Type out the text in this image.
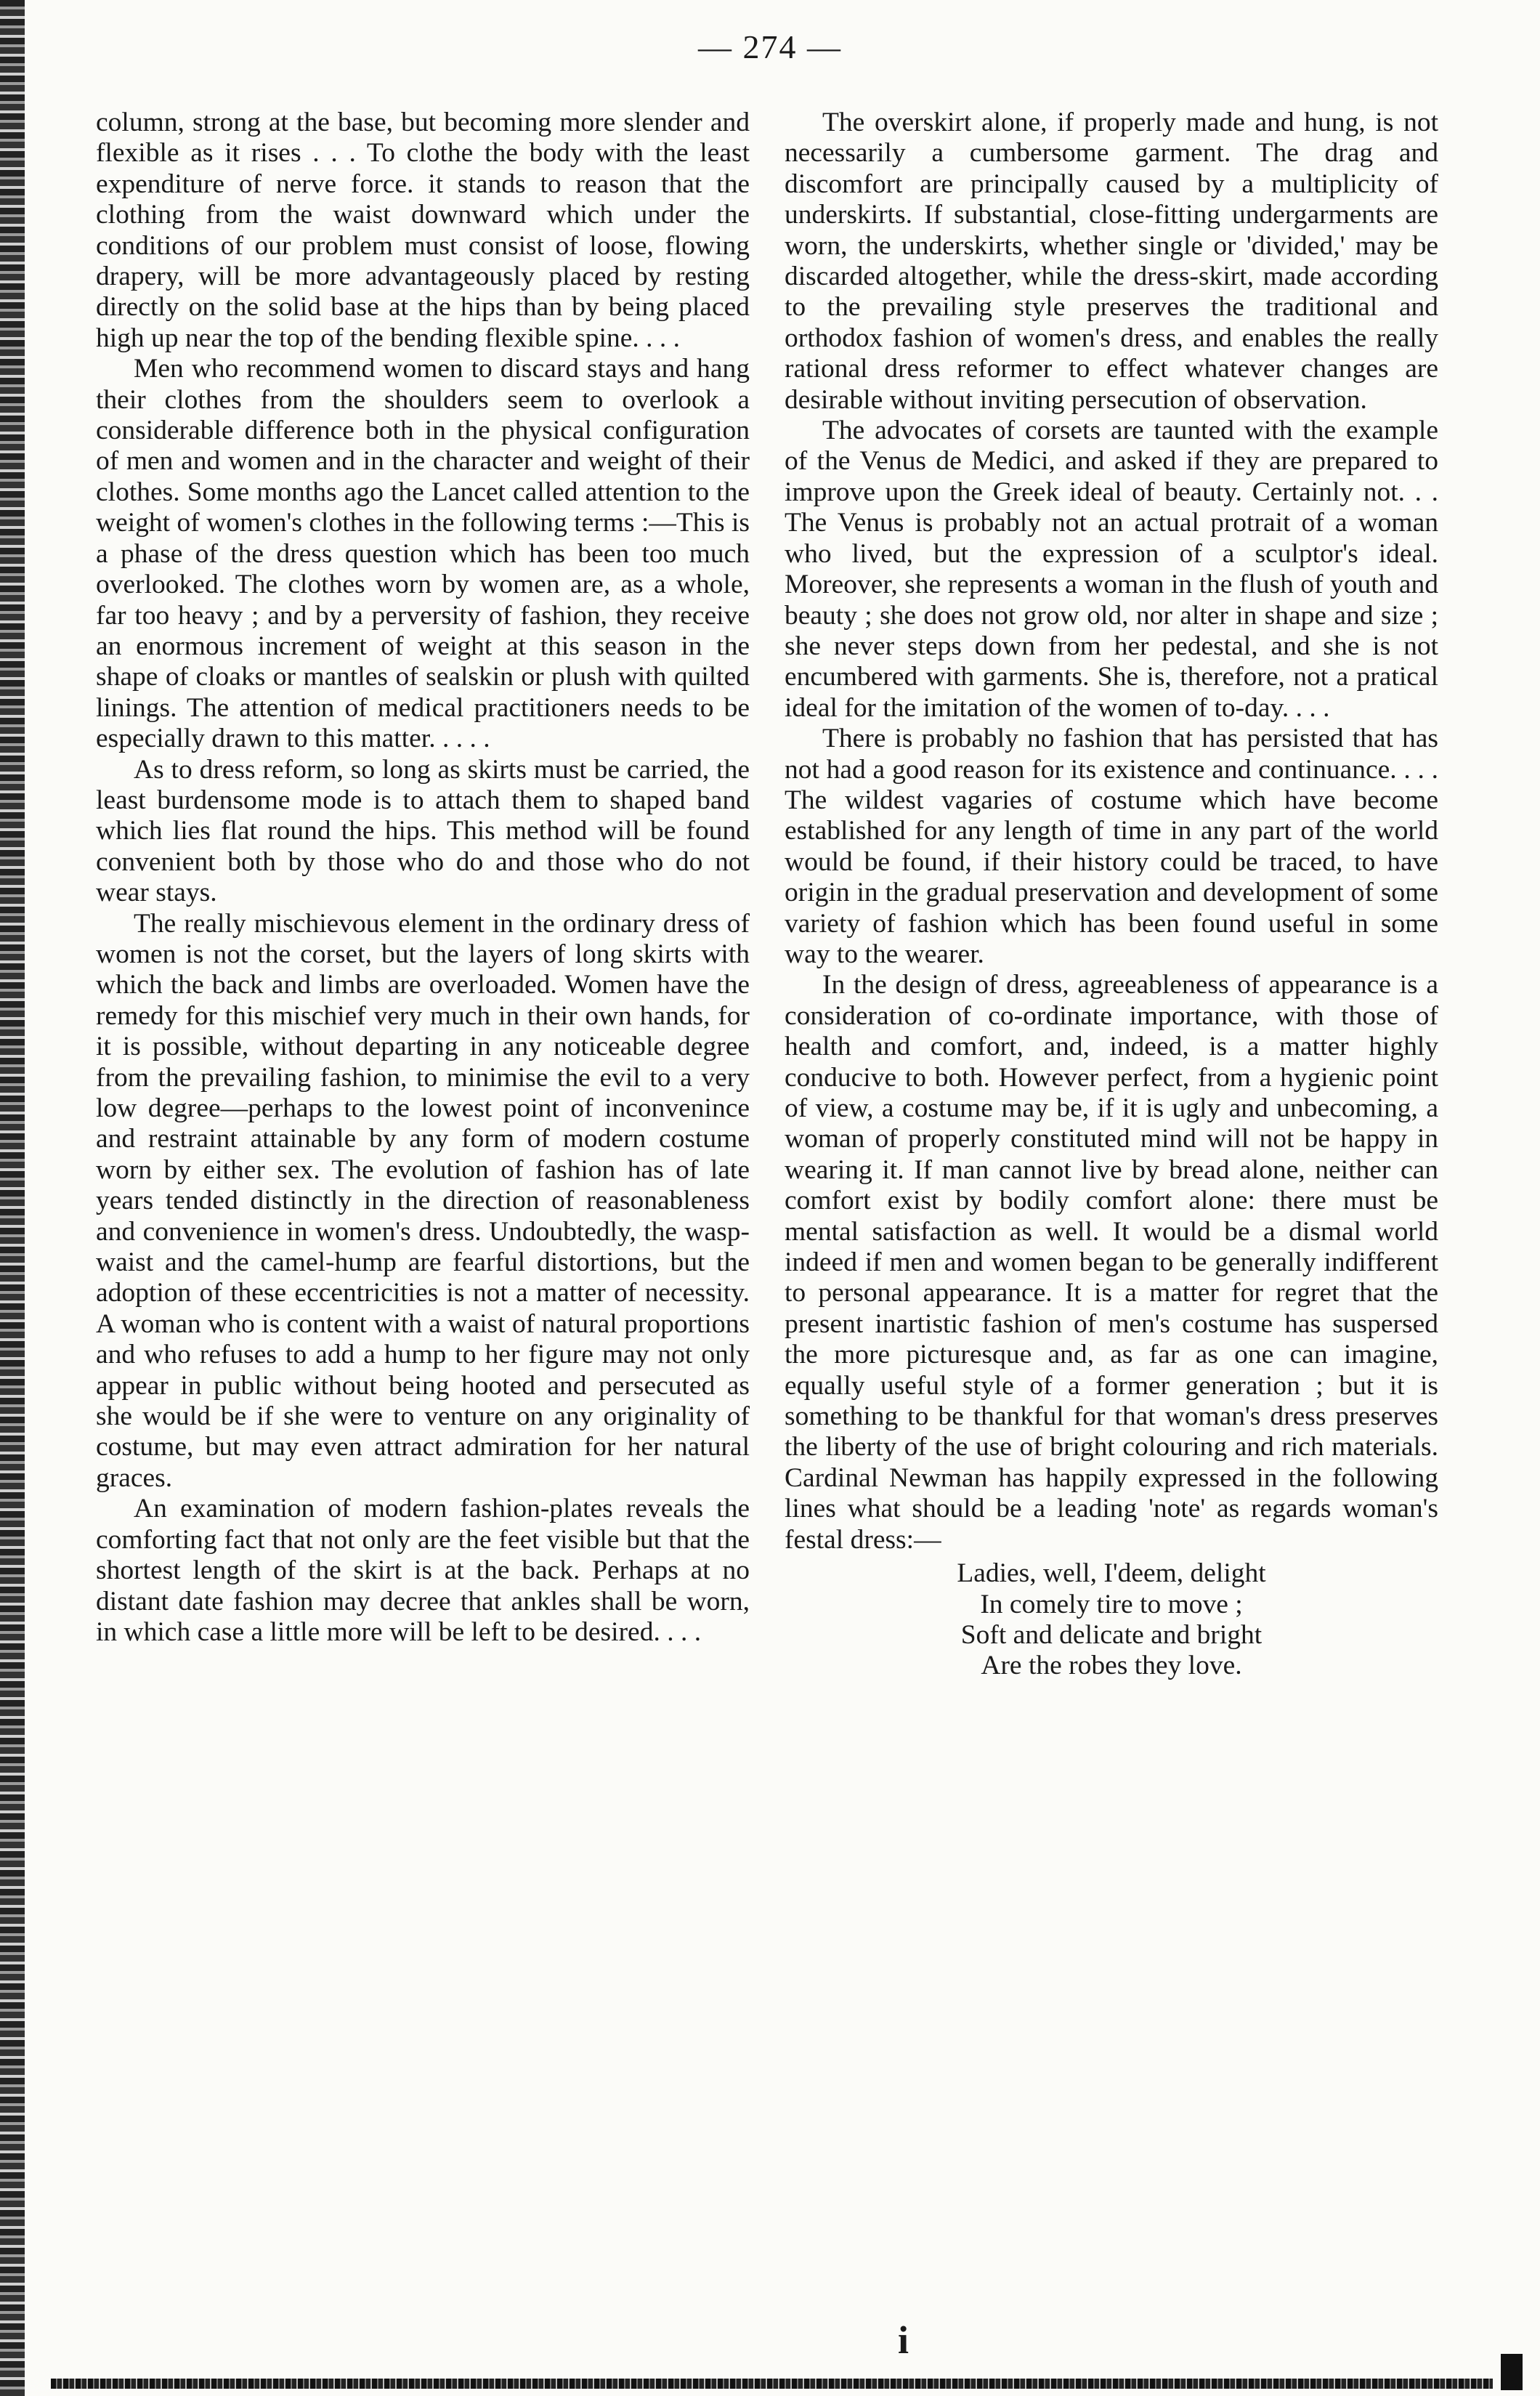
— 274 —

column, strong at the base, but becoming more slender and flexible as it rises . . . To clothe the body with the least expenditure of nerve force. it stands to reason that the clothing from the waist downward which under the conditions of our problem must consist of loose, flowing drapery, will be more advantageously placed by resting directly on the solid base at the hips than by being placed high up near the top of the bending flexible spine. . . .

Men who recommend women to discard stays and hang their clothes from the shoulders seem to overlook a considerable difference both in the physical configuration of men and women and in the character and weight of their clothes. Some months ago the Lancet called attention to the weight of women's clothes in the following terms :—This is a phase of the dress question which has been too much overlooked. The clothes worn by women are, as a whole, far too heavy ; and by a perversity of fashion, they receive an enormous increment of weight at this season in the shape of cloaks or mantles of sealskin or plush with quilted linings. The attention of medical practitioners needs to be especially drawn to this matter. . . . .

As to dress reform, so long as skirts must be carried, the least burdensome mode is to attach them to shaped band which lies flat round the hips. This method will be found convenient both by those who do and those who do not wear stays.

The really mischievous element in the ordinary dress of women is not the corset, but the layers of long skirts with which the back and limbs are overloaded. Women have the remedy for this mischief very much in their own hands, for it is possible, without departing in any noticeable degree from the prevailing fashion, to minimise the evil to a very low degree—perhaps to the lowest point of inconvenince and restraint attainable by any form of modern costume worn by either sex. The evolution of fashion has of late years tended distinctly in the direction of reasonableness and convenience in women's dress. Undoubtedly, the wasp-waist and the camel-hump are fearful distortions, but the adoption of these eccentricities is not a matter of necessity. A woman who is content with a waist of natural proportions and who refuses to add a hump to her figure may not only appear in public without being hooted and persecuted as she would be if she were to venture on any originality of costume, but may even attract admiration for her natural graces.

An examination of modern fashion-plates reveals the comforting fact that not only are the feet visible but that the shortest length of the skirt is at the back. Perhaps at no distant date fashion may decree that ankles shall be worn, in which case a little more will be left to be desired. . . .

The overskirt alone, if properly made and hung, is not necessarily a cumbersome garment. The drag and discomfort are principally caused by a multiplicity of underskirts. If substantial, close-fitting undergarments are worn, the underskirts, whether single or 'divided,' may be discarded altogether, while the dress-skirt, made according to the prevailing style preserves the traditional and orthodox fashion of women's dress, and enables the really rational dress reformer to effect whatever changes are desirable without inviting persecution of observation.

The advocates of corsets are taunted with the example of the Venus de Medici, and asked if they are prepared to improve upon the Greek ideal of beauty. Certainly not. . . The Venus is probably not an actual protrait of a woman who lived, but the expression of a sculptor's ideal. Moreover, she represents a woman in the flush of youth and beauty ; she does not grow old, nor alter in shape and size ; she never steps down from her pedestal, and she is not encumbered with garments. She is, therefore, not a pratical ideal for the imitation of the women of to-day. . . .

There is probably no fashion that has persisted that has not had a good reason for its existence and continuance. . . . The wildest vagaries of costume which have become established for any length of time in any part of the world would be found, if their history could be traced, to have origin in the gradual preservation and development of some variety of fashion which has been found useful in some way to the wearer.

In the design of dress, agreeableness of appearance is a consideration of co-ordinate importance, with those of health and comfort, and, indeed, is a matter highly conducive to both. However perfect, from a hygienic point of view, a costume may be, if it is ugly and unbecoming, a woman of properly constituted mind will not be happy in wearing it. If man cannot live by bread alone, neither can comfort exist by bodily comfort alone: there must be mental satisfaction as well. It would be a dismal world indeed if men and women began to be generally indifferent to personal appearance. It is a matter for regret that the present inartistic fashion of men's costume has suspersed the more picturesque and, as far as one can imagine, equally useful style of a former generation ; but it is something to be thankful for that woman's dress preserves the liberty of the use of bright colouring and rich materials. Cardinal Newman has happily expressed in the following lines what should be a leading 'note' as regards woman's festal dress:—

Ladies, well, I'deem, delight
In comely tire to move ;
Soft and delicate and bright
Are the robes they love.
i
